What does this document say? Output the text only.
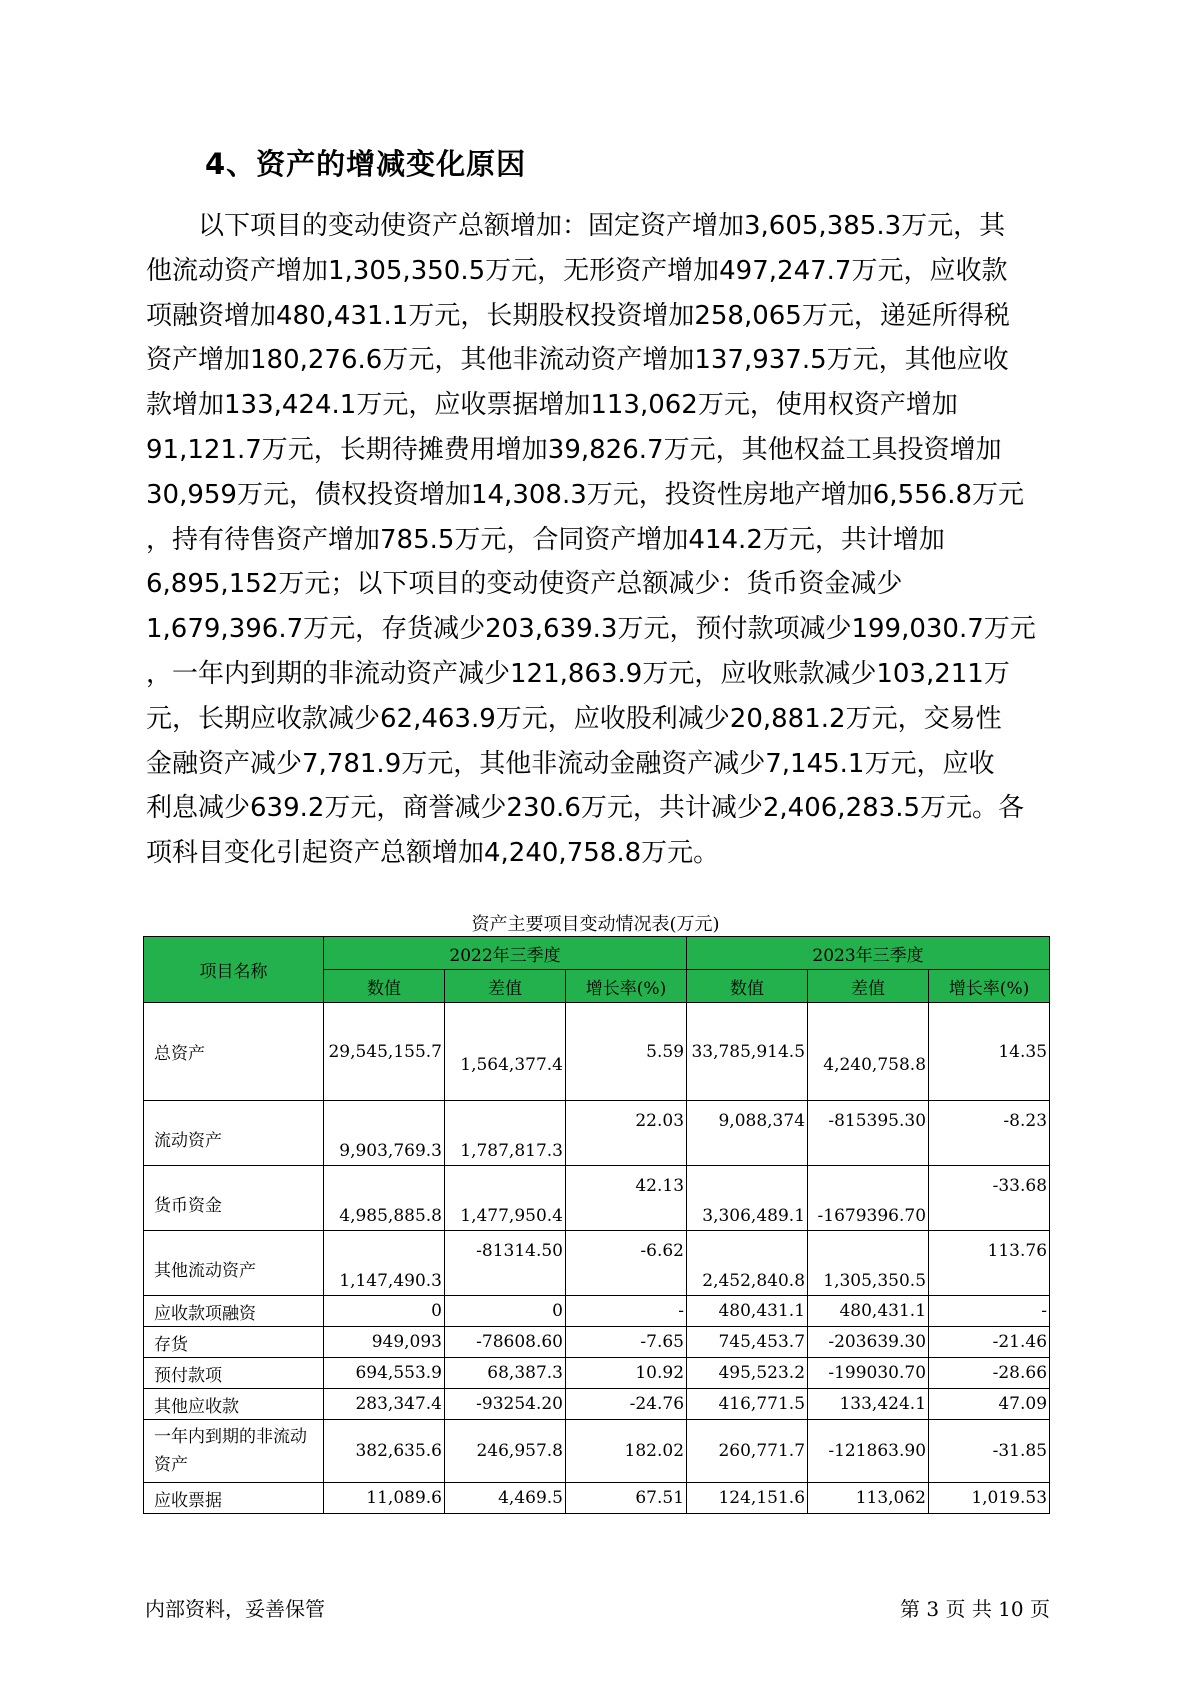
4、资产的增减变化原因
以下项目的变动使资产总额增加：固定资产增加3,605,385.3万元，其
他流动资产增加1,305,350.5万元，无形资产增加497,247.7万元，应收款
项融资增加480,431.1万元，长期股权投资增加258,065万元，递延所得税
资产增加180,276.6万元，其他非流动资产增加137,937.5万元，其他应收
款增加133,424.1万元，应收票据增加113,062万元，使用权资产增加
91,121.7万元，长期待摊费用增加39,826.7万元，其他权益工具投资增加
30,959万元，债权投资增加14,308.3万元，投资性房地产增加6,556.8万元
，持有待售资产增加785.5万元，合同资产增加414.2万元，共计增加
6,895,152万元；以下项目的变动使资产总额减少：货币资金减少
1,679,396.7万元，存货减少203,639.3万元，预付款项减少199,030.7万元
，一年内到期的非流动资产减少121,863.9万元，应收账款减少103,211万
元，长期应收款减少62,463.9万元，应收股利减少20,881.2万元，交易性
金融资产减少7,781.9万元，其他非流动金融资产减少7,145.1万元，应收
利息减少639.2万元，商誉减少230.6万元，共计减少2,406,283.5万元。各
项科目变化引起资产总额增加4,240,758.8万元。
资产主要项目变动情况表(万元)
项目名称	2022年三季度			2023年三季度		
	数值	差值	增长率(%)	数值	差值	增长率(%)
总资产	29,545,155.7	1,564,377.4	5.59	33,785,914.5	4,240,758.8	14.35
流动资产	9,903,769.3	1,787,817.3	22.03	9,088,374	-815395.30	-8.23
货币资金	4,985,885.8	1,477,950.4	42.13	3,306,489.1	-1679396.70	-33.68
其他流动资产	1,147,490.3	-81314.50	-6.62	2,452,840.8	1,305,350.5	113.76
应收款项融资	0	0	-	480,431.1	480,431.1	-
存货	949,093	-78608.60	-7.65	745,453.7	-203639.30	-21.46
预付款项	694,553.9	68,387.3	10.92	495,523.2	-199030.70	-28.66
其他应收款	283,347.4	-93254.20	-24.76	416,771.5	133,424.1	47.09
一年内到期的非流动资产	382,635.6	246,957.8	182.02	260,771.7	-121863.90	-31.85
应收票据	11,089.6	4,469.5	67.51	124,151.6	113,062	1,019.53
内部资料，妥善保管	第 3 页 共 10 页
